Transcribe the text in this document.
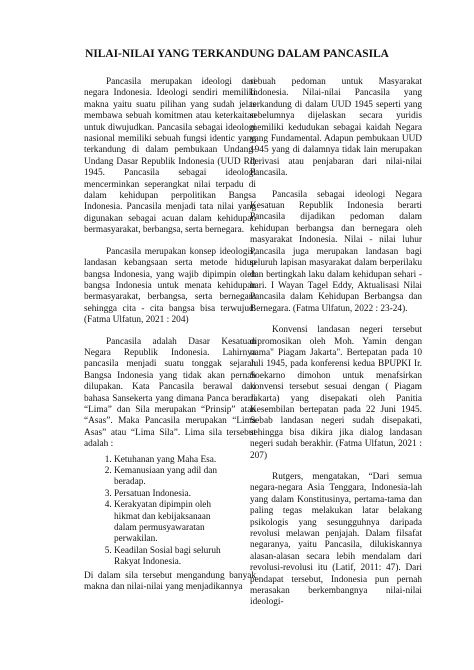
NILAI-NILAI YANG TERKANDUNG DALAM PANCASILA

Pancasila merupakan ideologi dari negara Indonesia. Ideologi sendiri memiliki makna yaitu suatu pilihan yang sudah jelas membawa sebuah komitmen atau keterkaitan untuk diwujudkan. Pancasila sebagai ideologi nasional memiliki sebuah fungsi identic yang terkandung di dalam pembukaan Undang-Undang Dasar Republik Indonesia (UUD RI) 1945. Pancasila sebagai ideologi mencerminkan seperangkat nilai terpadu di dalam kehidupan perpolitikan Bangsa Indonesia. Pancasila menjadi tata nilai yang digunakan sebagai acuan dalam kehidupan bermasyarakat, berbangsa, serta bernegara.

Pancasila merupakan konsep ideologis, landasan kebangsaan serta metode hidup bangsa Indonesia, yang wajib dipimpin oleh bangsa Indonesia untuk menata kehidupan bermasyarakat, berbangsa, serta bernegara sehingga cita - cita bangsa bisa terwujud. (Fatma Ulfatun, 2021 : 204)

Pancasila adalah Dasar Kesatuan Negara Republik Indonesia. Lahirnya pancasila menjadi suatu tonggak sejarah Bangsa Indonesia yang tidak akan pernah dilupakan. Kata Pancasila berawal dari bahasa Sansekerta yang dimana Panca berarti “Lima” dan Sila merupakan “Prinsip” atau “Asas”. Maka Pancasila merupakan “Lima Asas” atau “Lima Sila”. Lima sila tersebut adalah :

1. Ketuhanan yang Maha Esa.
2. Kemanusiaan yang adil dan beradap.
3. Persatuan Indonesia.
4. Kerakyatan dipimpin oleh hikmat dan kebijaksanaan dalam permusyawaratan perwakilan.
5. Keadilan Sosial bagi seluruh Rakyat Indonesia.

Di dalam sila tersebut mengandung banyak makna dan nilai-nilai yang menjadikannya

sebuah pedoman untuk Masyarakat Indonesia. Nilai-nilai Pancasila yang terkandung di dalam UUD 1945 seperti yang sebelumnya dijelaskan secara yuridis memiliki kedudukan sebagai kaidah Negara yang Fundamental. Adapun pembukaan UUD 1945 yang di dalamnya tidak lain merupakan derivasi atau penjabaran dari nilai-nilai Pancasila.

Pancasila sebagai ideologi Negara Kesatuan Republik Indonesia berarti Pancasila dijadikan pedoman dalam kehidupan berbangsa dan bernegara oleh masyarakat Indonesia. Nilai - nilai luhur Pancasila juga merupakan landasan bagi seluruh lapisan masyarakat dalam berperilaku dan bertingkah laku dalam kehidupan sehari - hari. I Wayan Tagel Eddy, Aktualisasi Nilai Pancasila dalam Kehidupan Berbangsa dan Bernegara. (Fatma Ulfatun, 2022 : 23-24).

Konvensi landasan negeri tersebut dipromosikan oleh Moh. Yamin dengan nama" Piagam Jakarta". Bertepatan pada 10 Juli 1945, pada konferensi kedua BPUPKI Ir. Soekarno dimohon untuk menafsirkan konvensi tersebut sesuai dengan ( Piagam Jakarta) yang disepakati oleh Panitia Kesembilan bertepatan pada 22 Juni 1945. Sebab landasan negeri sudah disepakati, sehingga bisa dikira jika dialog landasan negeri sudah berakhir. (Fatma Ulfatun, 2021 : 207)

Rutgers, mengatakan, “Dari semua negara-negara Asia Tenggara, Indonesia-lah yang dalam Konstitusinya, pertama-tama dan paling tegas melakukan latar belakang psikologis yang sesungguhnya daripada revolusi melawan penjajah. Dalam filsafat negaranya, yaitu Pancasila, dilukiskannya alasan-alasan secara lebih mendalam dari revolusi-revolusi itu (Latif, 2011: 47). Dari pendapat tersebut, Indonesia pun pernah merasakan berkembangnya nilai-nilai ideologi-
